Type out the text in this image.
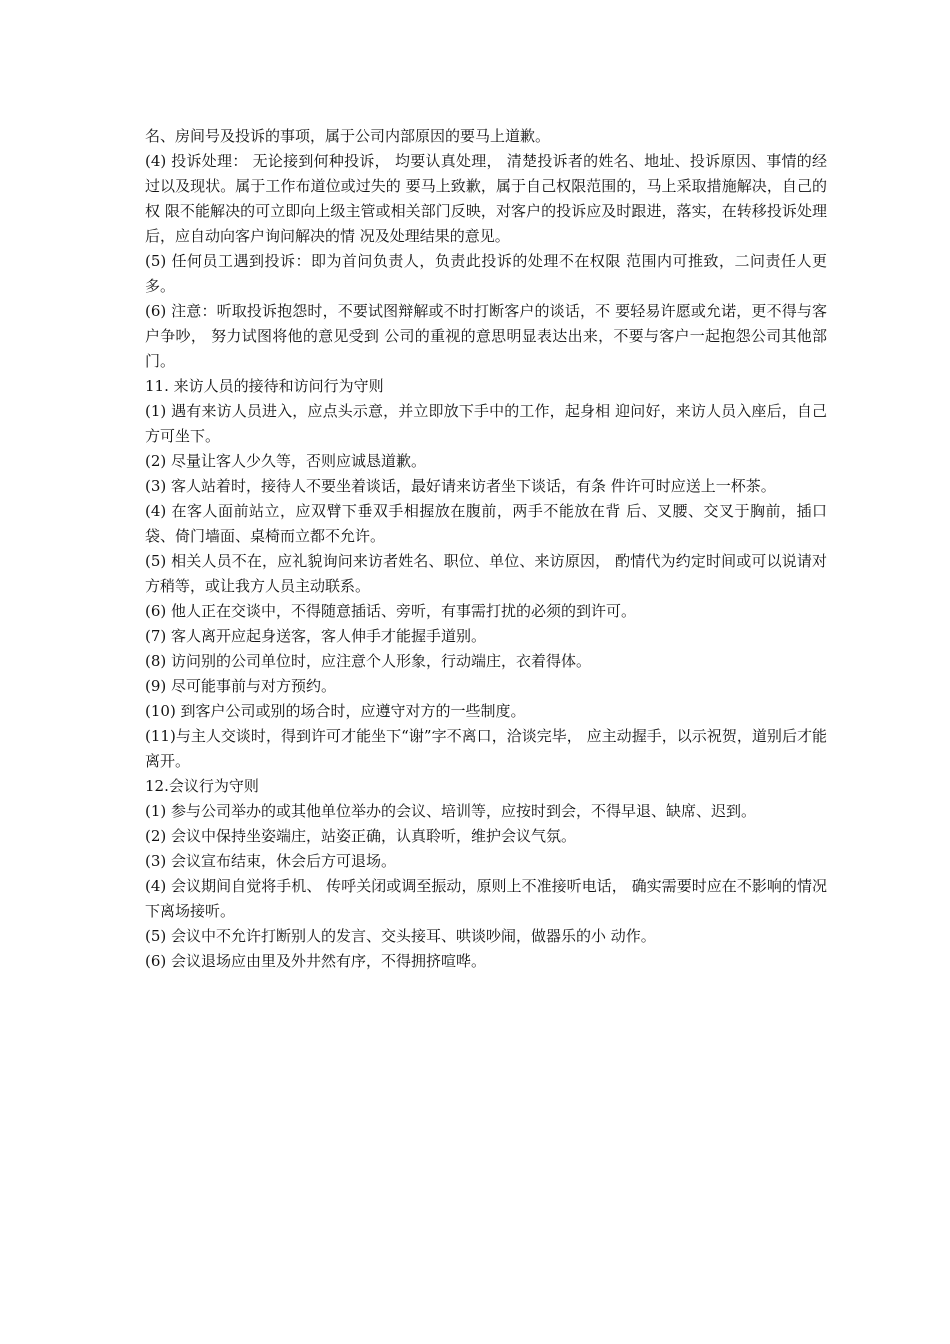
名、房间号及投诉的事项，属于公司内部原因的要马上道歉。

(4) 投诉处理： 无论接到何种投诉， 均要认真处理， 清楚投诉者的姓名、地址、投诉原因、事情的经过以及现状。属于工作布道位或过失的 要马上致歉，属于自己权限范围的，马上采取措施解决，自己的权 限不能解决的可立即向上级主管或相关部门反映，对客户的投诉应及时跟进，落实，在转移投诉处理后，应自动向客户询问解决的情 况及处理结果的意见。

(5) 任何员工遇到投诉：即为首问负责人，负责此投诉的处理不在权限 范围内可推致，二问责任人更多。

(6) 注意：听取投诉抱怨时，不要试图辩解或不时打断客户的谈话，不 要轻易许愿或允诺，更不得与客户争吵， 努力试图将他的意见受到 公司的重视的意思明显表达出来，不要与客户一起抱怨公司其他部 门。

11. 来访人员的接待和访问行为守则

(1) 遇有来访人员进入，应点头示意，并立即放下手中的工作，起身相 迎问好，来访人员入座后，自己方可坐下。

(2) 尽量让客人少久等，否则应诚恳道歉。

(3) 客人站着时，接待人不要坐着谈话，最好请来访者坐下谈话，有条 件许可时应送上一杯茶。

(4) 在客人面前站立，应双臂下垂双手相握放在腹前，两手不能放在背 后、叉腰、交叉于胸前，插口袋、倚门墙面、桌椅而立都不允许。

(5) 相关人员不在，应礼貌询问来访者姓名、职位、单位、来访原因， 酌情代为约定时间或可以说请对方稍等，或让我方人员主动联系。

(6) 他人正在交谈中，不得随意插话、旁听，有事需打扰的必须的到许可。

(7) 客人离开应起身送客，客人伸手才能握手道别。

(8) 访问别的公司单位时，应注意个人形象，行动端庄，衣着得体。

(9) 尽可能事前与对方预约。

(10) 到客户公司或别的场合时，应遵守对方的一些制度。

(11)与主人交谈时，得到许可才能坐下“谢”字不离口，洽谈完毕， 应主动握手，以示祝贺，道别后才能离开。

12.会议行为守则

(1) 参与公司举办的或其他单位举办的会议、培训等，应按时到会，不得早退、缺席、迟到。

(2) 会议中保持坐姿端庄，站姿正确，认真聆听，维护会议气氛。

(3) 会议宣布结束，休会后方可退场。

(4) 会议期间自觉将手机、 传呼关闭或调至振动，原则上不准接听电话， 确实需要时应在不影响的情况下离场接听。

(5) 会议中不允许打断别人的发言、交头接耳、哄谈吵闹，做器乐的小 动作。

(6) 会议退场应由里及外井然有序，不得拥挤喧哗。
